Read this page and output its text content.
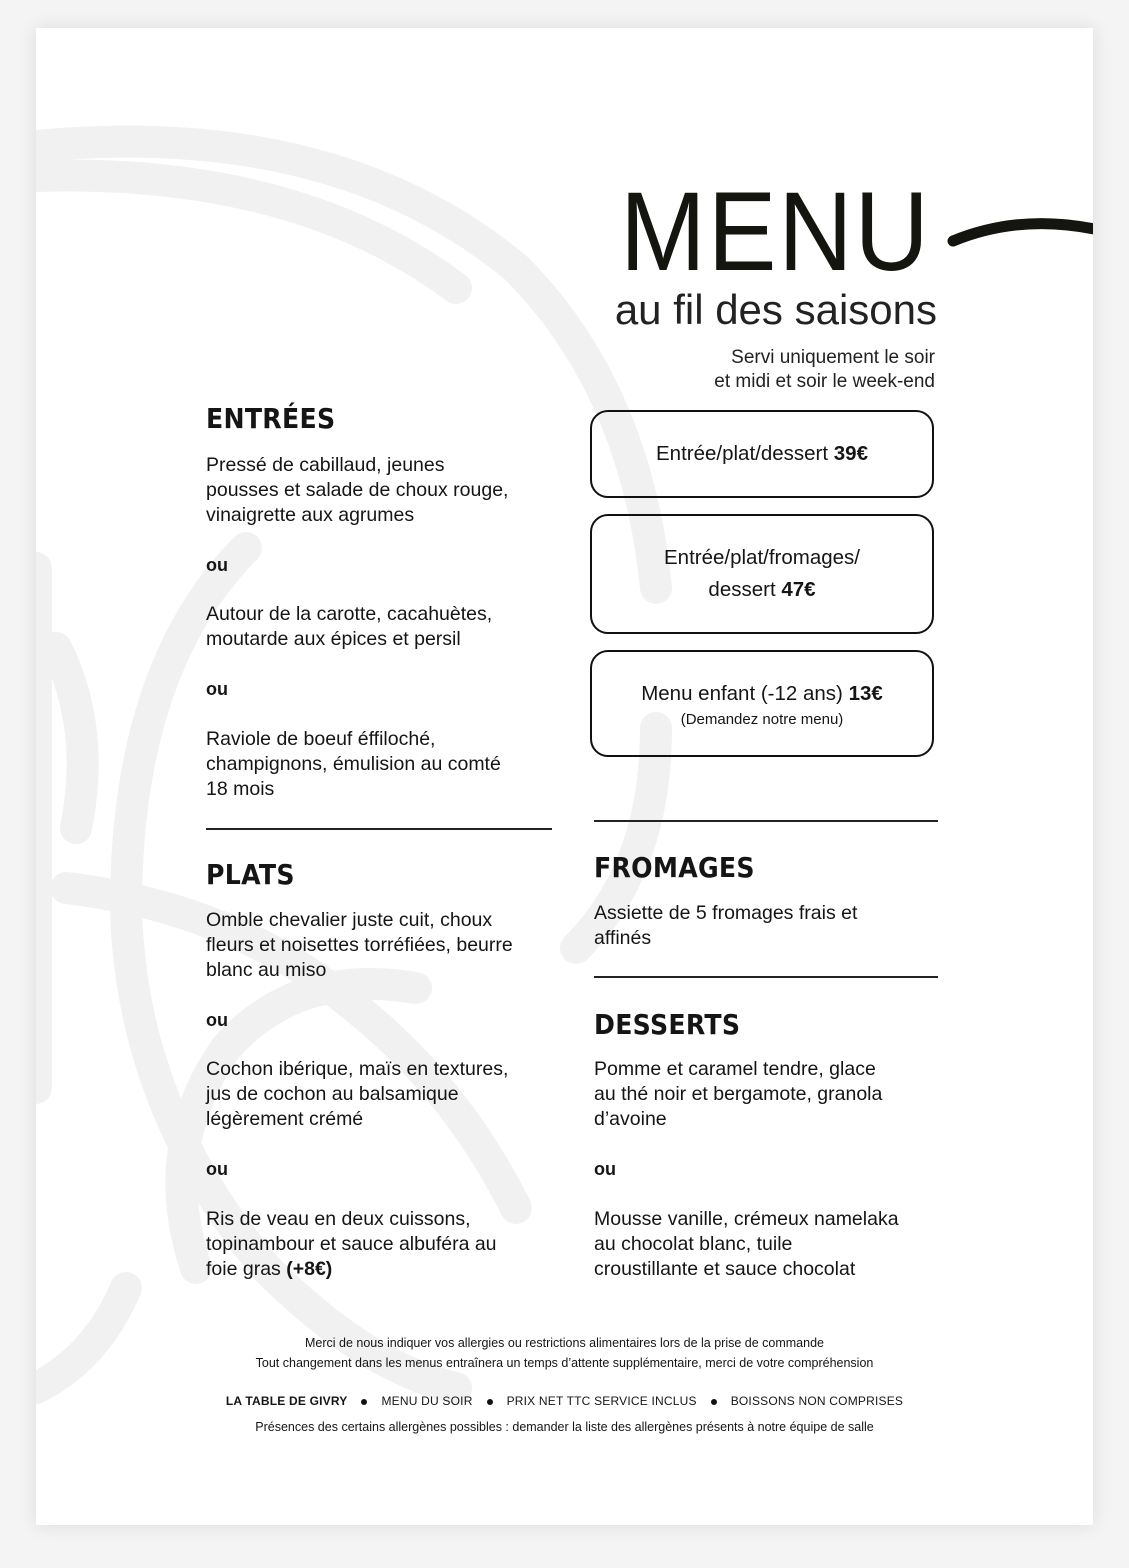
MENU
au fil des saisons
Servi uniquement le soir
et midi et soir le week-end
ENTRÉES
Pressé de cabillaud, jeunes
pousses et salade de choux rouge,
vinaigrette aux agrumes
ou
Autour de la carotte, cacahuètes,
moutarde aux épices et persil
ou
Raviole de boeuf éffiloché,
champignons, émulision au comté
18 mois
PLATS
Omble chevalier juste cuit, choux
fleurs et noisettes torréfiées, beurre
blanc au miso
ou
Cochon ibérique, maïs en textures,
jus de cochon au balsamique
légèrement crémé
ou
Ris de veau en deux cuissons,
topinambour et sauce albuféra au
foie gras (+8€)
Entrée/plat/dessert 39€
Entrée/plat/fromages/
dessert 47€
Menu enfant (-12 ans) 13€
(Demandez notre menu)
FROMAGES
Assiette de 5 fromages frais et
affinés
DESSERTS
Pomme et caramel tendre, glace
au thé noir et bergamote, granola
d’avoine
ou
Mousse vanille, crémeux namelaka
au chocolat blanc, tuile
croustillante et sauce chocolat
Merci de nous indiquer vos allergies ou restrictions alimentaires lors de la prise de commande
Tout changement dans les menus entraînera un temps d’attente supplémentaire, merci de votre compréhension
LA TABLE DE GIVRY	MENU DU SOIR	PRIX NET TTC SERVICE INCLUS	BOISSONS NON COMPRISES
Présences des certains allergènes possibles : demander la liste des allergènes présents à notre équipe de salle
